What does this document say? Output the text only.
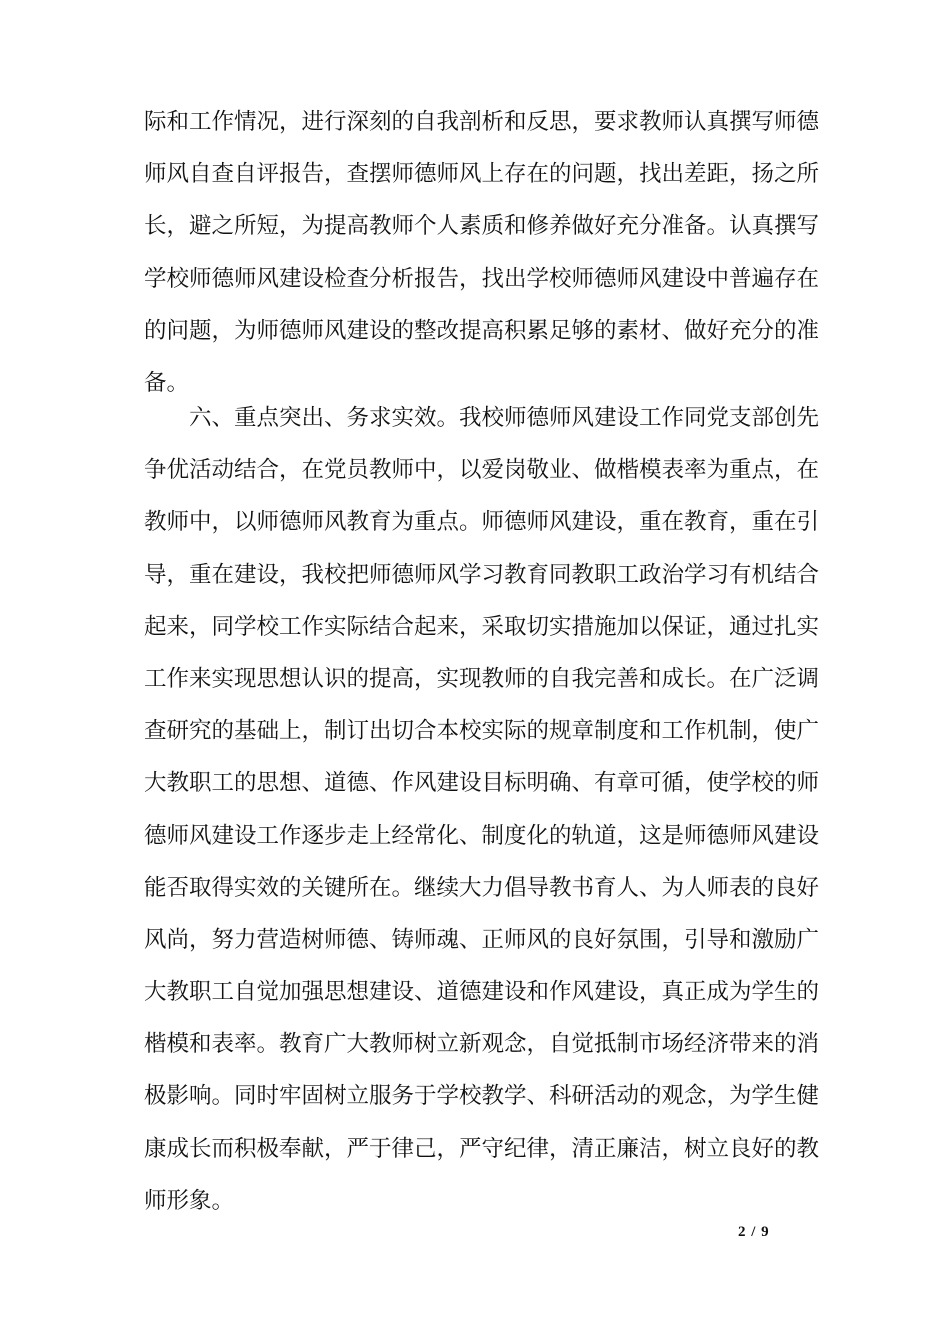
际和工作情况，进行深刻的自我剖析和反思，要求教师认真撰写师德
师风自查自评报告，查摆师德师风上存在的问题，找出差距，扬之所
长，避之所短，为提高教师个人素质和修养做好充分准备。认真撰写
学校师德师风建设检查分析报告，找出学校师德师风建设中普遍存在
的问题，为师德师风建设的整改提高积累足够的素材、做好充分的准
备。
　　六、重点突出、务求实效。我校师德师风建设工作同党支部创先
争优活动结合，在党员教师中，以爱岗敬业、做楷模表率为重点，在
教师中，以师德师风教育为重点。师德师风建设，重在教育，重在引
导，重在建设，我校把师德师风学习教育同教职工政治学习有机结合
起来，同学校工作实际结合起来，采取切实措施加以保证，通过扎实
工作来实现思想认识的提高，实现教师的自我完善和成长。在广泛调
查研究的基础上，制订出切合本校实际的规章制度和工作机制，使广
大教职工的思想、道德、作风建设目标明确、有章可循，使学校的师
德师风建设工作逐步走上经常化、制度化的轨道，这是师德师风建设
能否取得实效的关键所在。继续大力倡导教书育人、为人师表的良好
风尚，努力营造树师德、铸师魂、正师风的良好氛围，引导和激励广
大教职工自觉加强思想建设、道德建设和作风建设，真正成为学生的
楷模和表率。教育广大教师树立新观念，自觉抵制市场经济带来的消
极影响。同时牢固树立服务于学校教学、科研活动的观念，为学生健
康成长而积极奉献，严于律己，严守纪律，清正廉洁，树立良好的教
师形象。
2 / 9
